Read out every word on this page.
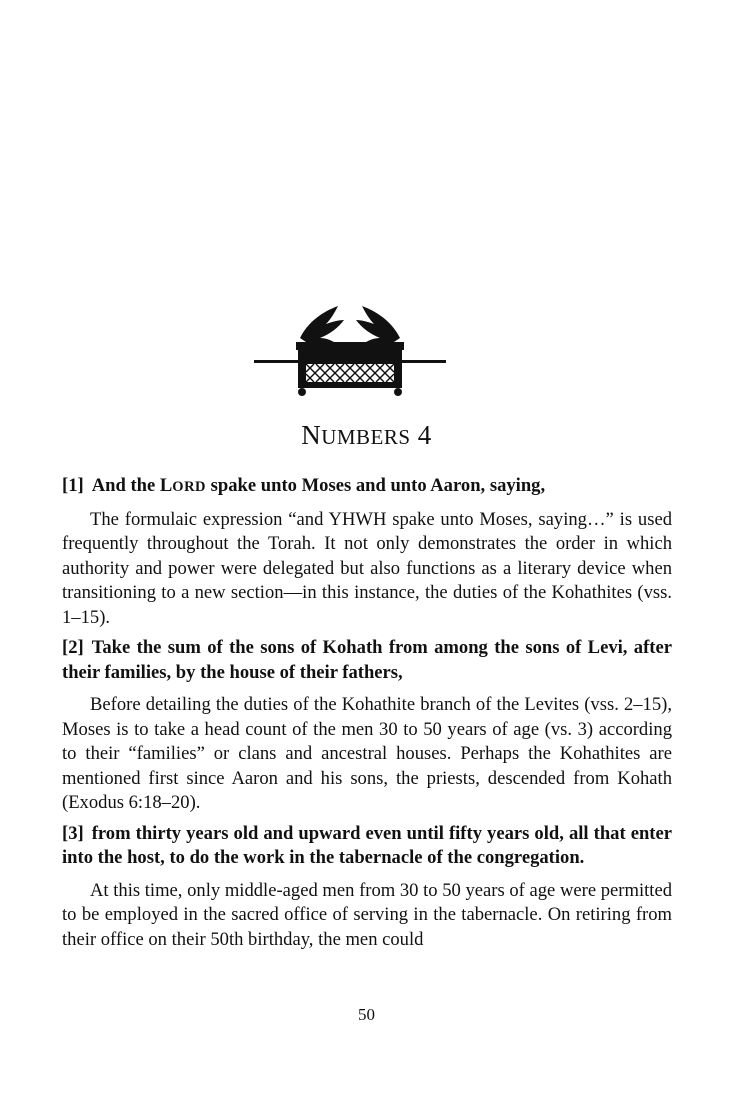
NUMBERS 4

[1] And the LORD spake unto Moses and unto Aaron, saying,

The formulaic expression “and YHWH spake unto Moses, saying…” is used frequently throughout the Torah. It not only demonstrates the order in which authority and power were delegated but also functions as a literary device when transitioning to a new section—in this instance, the duties of the Kohathites (vss. 1–15).

[2] Take the sum of the sons of Kohath from among the sons of Levi, after their families, by the house of their fathers,

Before detailing the duties of the Kohathite branch of the Levites (vss. 2–15), Moses is to take a head count of the men 30 to 50 years of age (vs. 3) according to their “families” or clans and ancestral houses. Perhaps the Kohathites are mentioned first since Aaron and his sons, the priests, descended from Kohath (Exodus 6:18–20).

[3] from thirty years old and upward even until fifty years old, all that enter into the host, to do the work in the tabernacle of the congregation.

At this time, only middle-aged men from 30 to 50 years of age were permitted to be employed in the sacred office of serving in the tabernacle. On retiring from their office on their 50th birthday, the men could

50
